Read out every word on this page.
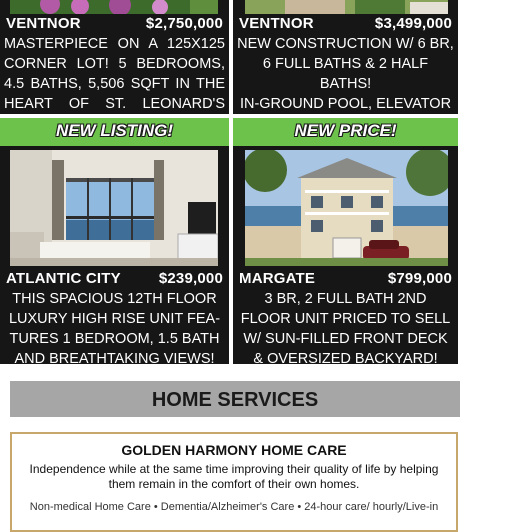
VENTNOR	$2,750,000
MASTERPIECE ON A 125X125
CORNER LOT! 5 BEDROOMS,
4.5 BATHS, 5,506 SQFT IN THE
HEART OF ST. LEONARD'S
VENTNOR	$3,499,000
NEW CONSTRUCTION W/ 6 BR,
6 FULL BATHS & 2 HALF BATHS!
IN-GROUND POOL, ELEVATOR
NEW LISTING!	NEW PRICE!
ATLANTIC CITY	$239,000
THIS SPACIOUS 12TH FLOOR
LUXURY HIGH RISE UNIT FEA-
TURES 1 BEDROOM, 1.5 BATH
AND BREATHTAKING VIEWS!
MARGATE	$799,000
3 BR, 2 FULL BATH 2ND
FLOOR UNIT PRICED TO SELL
W/ SUN-FILLED FRONT DECK
& OVERSIZED BACKYARD!
HOME SERVICES
GOLDEN HARMONY HOME CARE
Independence while at the same time improving their quality of life by helping them remain in the comfort of their own homes.
Non-medical Home Care • Dementia/Alzheimer's Care • 24-hour care/ hourly/Live-in
